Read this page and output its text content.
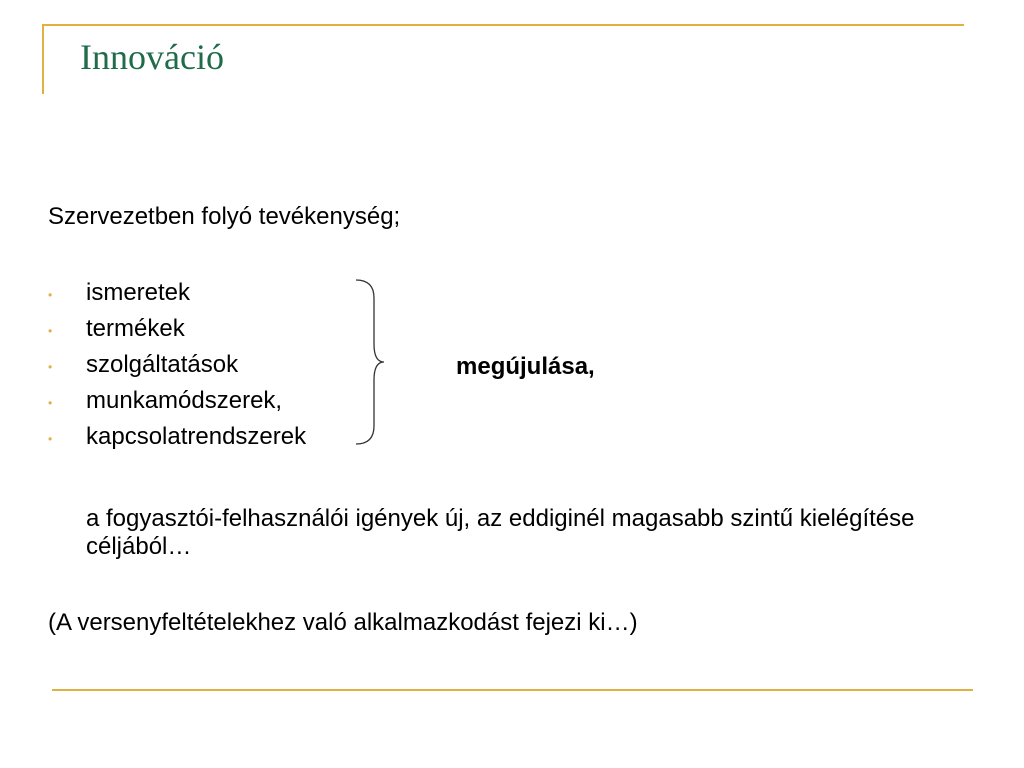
Innováció
Szervezetben folyó tevékenység;
• ismeretek
• termékek
• szolgáltatások
• munkamódszerek,
• kapcsolatrendszerek
megújulása,
a fogyasztói-felhasználói igények új, az eddiginél magasabb szintű kielégítése céljából…
(A versenyfeltételekhez való alkalmazkodást fejezi ki…)
